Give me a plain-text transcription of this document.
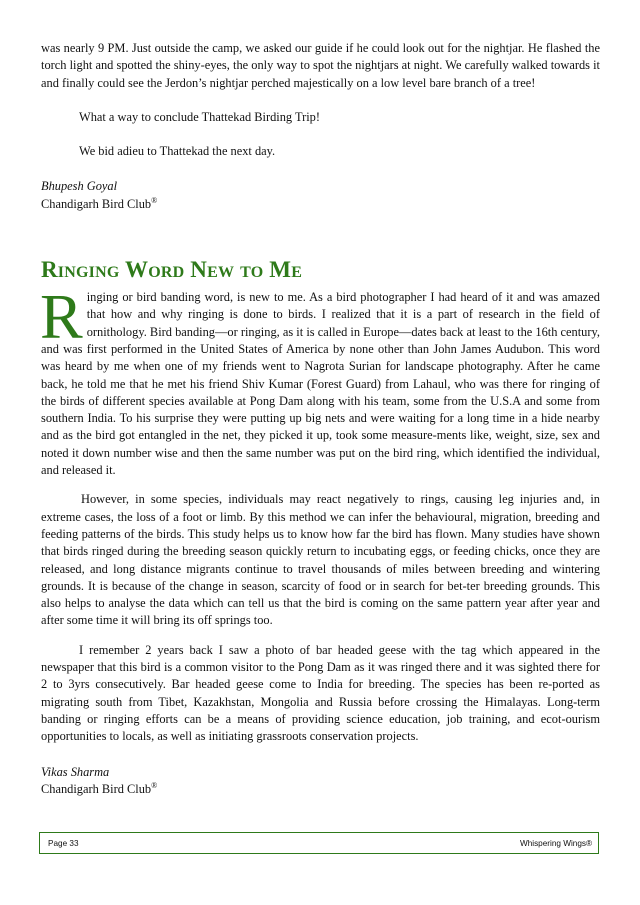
was nearly 9 PM. Just outside the camp, we asked our guide if he could look out for the nightjar. He flashed the torch light and spotted the shiny-eyes, the only way to spot the nightjars at night. We carefully walked towards it and finally could see the Jerdon’s nightjar perched majestically on a low level bare branch of a tree!

What a way to conclude Thattekad Birding Trip!

We bid adieu to Thattekad the next day.

Bhupesh Goyal

Chandigarh Bird Club®

Ringing Word New to Me

Ringing or bird banding word, is new to me. As a bird photographer I had heard of it and was amazed that how and why ringing is done to birds. I realized that it is a part of research in the field of ornithology. Bird banding—or ringing, as it is called in Europe—dates back at least to the 16th century, and was first performed in the United States of America by none other than John James Audubon. This word was heard by me when one of my friends went to Nagrota Surian for landscape photography. After he came back, he told me that he met his friend Shiv Kumar (Forest Guard) from Lahaul, who was there for ringing of the birds of different species available at Pong Dam along with his team, some from the U.S.A and some from southern India. To his surprise they were putting up big nets and were waiting for a long time in a hide nearby and as the bird got entangled in the net, they picked it up, took some measure-ments like, weight, size, sex and noted it down number wise and then the same number was put on the bird ring, which identified the individual, and released it.

However, in some species, individuals may react negatively to rings, causing leg injuries and, in extreme cases, the loss of a foot or limb. By this method we can infer the behavioural, migration, breeding and feeding patterns of the birds. This study helps us to know how far the bird has flown. Many studies have shown that birds ringed during the breeding season quickly return to incubating eggs, or feeding chicks, once they are released, and long distance migrants continue to travel thousands of miles between breeding and wintering grounds. It is because of the change in season, scarcity of food or in search for bet-ter breeding grounds. This also helps to analyse the data which can tell us that the bird is coming on the same pattern year after year and after some time it will bring its off springs too.

I remember 2 years back I saw a photo of bar headed geese with the tag which appeared in the newspaper that this bird is a common visitor to the Pong Dam as it was ringed there and it was sighted there for 2 to 3yrs consecutively. Bar headed geese come to India for breeding. The species has been re-ported as migrating south from Tibet, Kazakhstan, Mongolia and Russia before crossing the Himalayas. Long-term banding or ringing efforts can be a means of providing science education, job training, and ecot-ourism opportunities to locals, as well as initiating grassroots conservation projects.

Vikas Sharma

Chandigarh Bird Club®

Page 33	Whispering Wings®
